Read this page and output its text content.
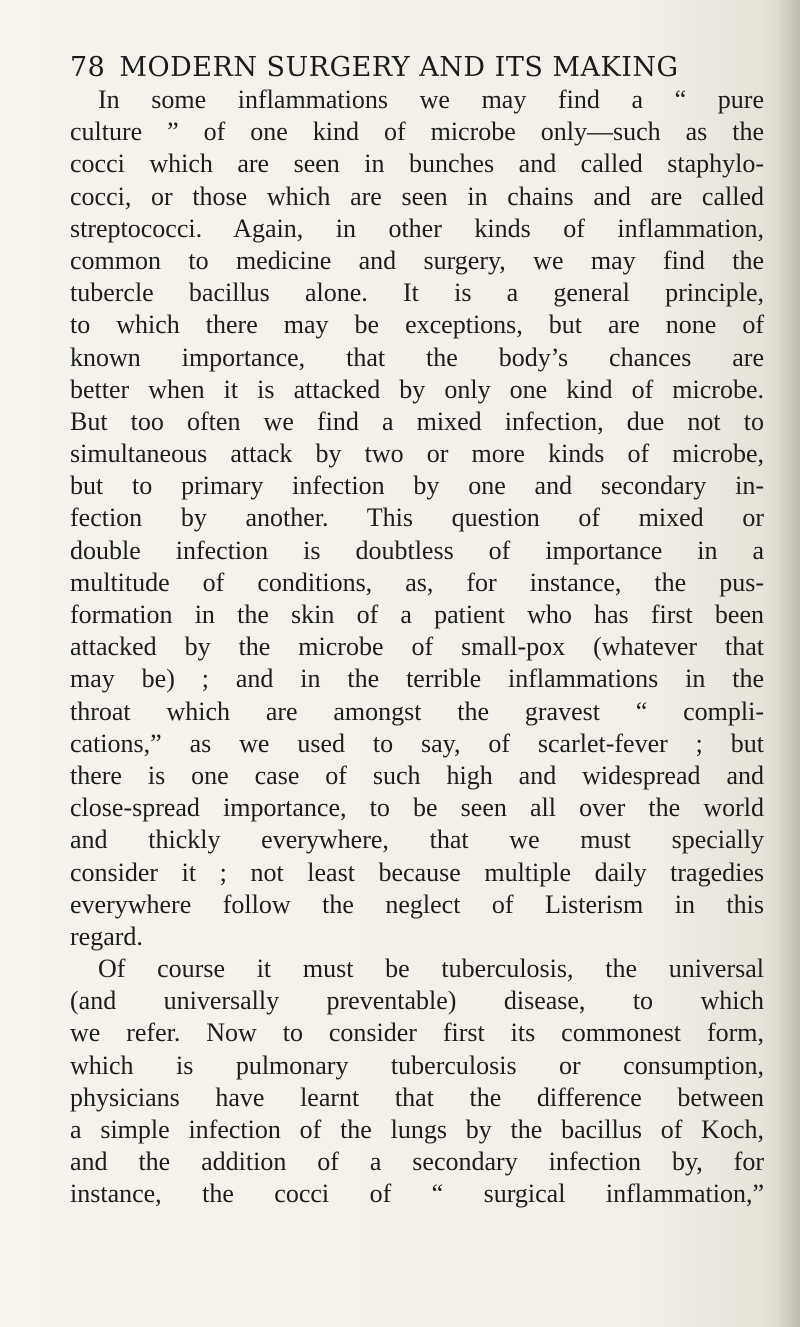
78 MODERN SURGERY AND ITS MAKING
In some inflammations we may find a “ pure
culture ” of one kind of microbe only—such as the
cocci which are seen in bunches and called staphylo-
cocci, or those which are seen in chains and are called
streptococci. Again, in other kinds of inflammation,
common to medicine and surgery, we may find the
tubercle bacillus alone. It is a general principle,
to which there may be exceptions, but are none of
known importance, that the body’s chances are
better when it is attacked by only one kind of microbe.
But too often we find a mixed infection, due not to
simultaneous attack by two or more kinds of microbe,
but to primary infection by one and secondary in-
fection by another. This question of mixed or
double infection is doubtless of importance in a
multitude of conditions, as, for instance, the pus-
formation in the skin of a patient who has first been
attacked by the microbe of small-pox (whatever that
may be) ; and in the terrible inflammations in the
throat which are amongst the gravest “ compli-
cations,” as we used to say, of scarlet-fever ; but
there is one case of such high and widespread and
close-spread importance, to be seen all over the world
and thickly everywhere, that we must specially
consider it ; not least because multiple daily tragedies
everywhere follow the neglect of Listerism in this
regard.
Of course it must be tuberculosis, the universal
(and universally preventable) disease, to which
we refer. Now to consider first its commonest form,
which is pulmonary tuberculosis or consumption,
physicians have learnt that the difference between
a simple infection of the lungs by the bacillus of Koch,
and the addition of a secondary infection by, for
instance, the cocci of “ surgical inflammation,”
